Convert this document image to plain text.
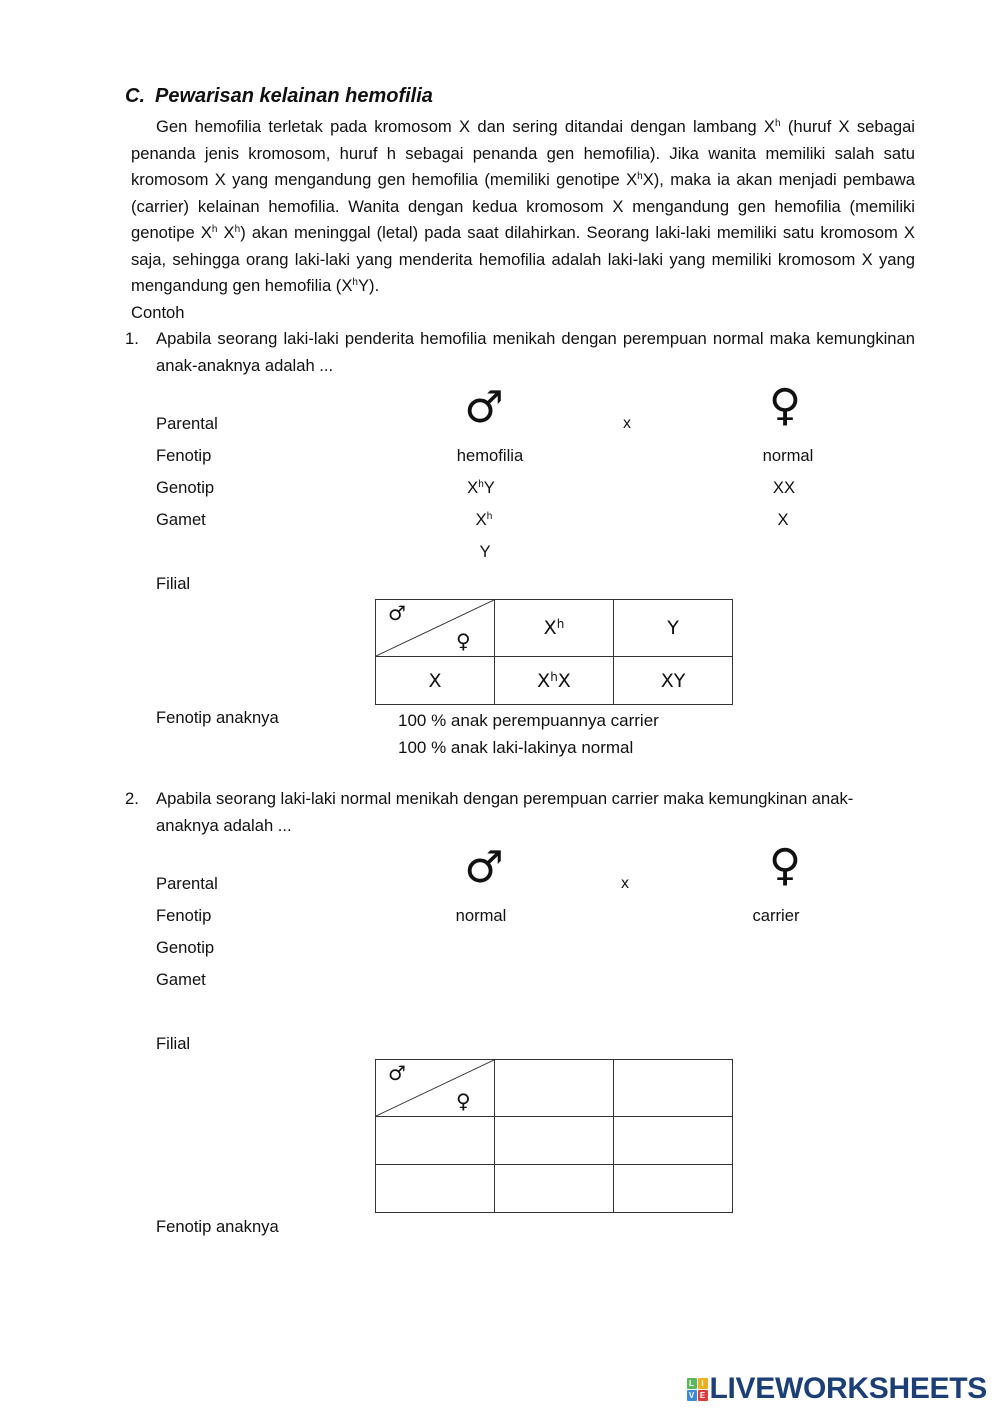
C. Pewarisan kelainan hemofilia

Gen hemofilia terletak pada kromosom X dan sering ditandai dengan lambang $X^h$ (huruf X sebagai penanda jenis kromosom, huruf h sebagai penanda gen hemofilia). Jika wanita memiliki salah satu kromosom X yang mengandung gen hemofilia (memiliki genotipe $X^hX$), maka ia akan menjadi pembawa (carrier) kelainan hemofilia. Wanita dengan kedua kromosom X mengandung gen hemofilia (memiliki genotipe $X^h$ $X^h$) akan meninggal (letal) pada saat dilahirkan. Seorang laki-laki memiliki satu kromosom X saja, sehingga orang laki-laki yang menderita hemofilia adalah laki-laki yang memiliki kromosom X yang mengandung gen hemofilia $(X^hY)$.

Contoh

1. Apabila seorang laki-laki penderita hemofilia menikah dengan perempuan normal maka kemungkinan anak-anaknya adalah ...
♂	♀
Parental	x
Fenotip	hemofilia	normal
Genotip	$X^hY$	XX
Gamet	$X^h$	X
Y
Filial
♂
♀	$X^h$	Y
X	$X^hX$	XY
Fenotip anaknya	100 % anak perempuannya carrier
100 % anak laki-lakinya normal
2. Apabila seorang laki-laki normal menikah dengan perempuan carrier maka kemungkinan anak-anaknya adalah ...
♂	♀
Parental	x
Fenotip	normal	carrier
Genotip
Gamet
Filial
♂
♀		

Fenotip anaknya
L I
V E LIVEWORKSHEETS
